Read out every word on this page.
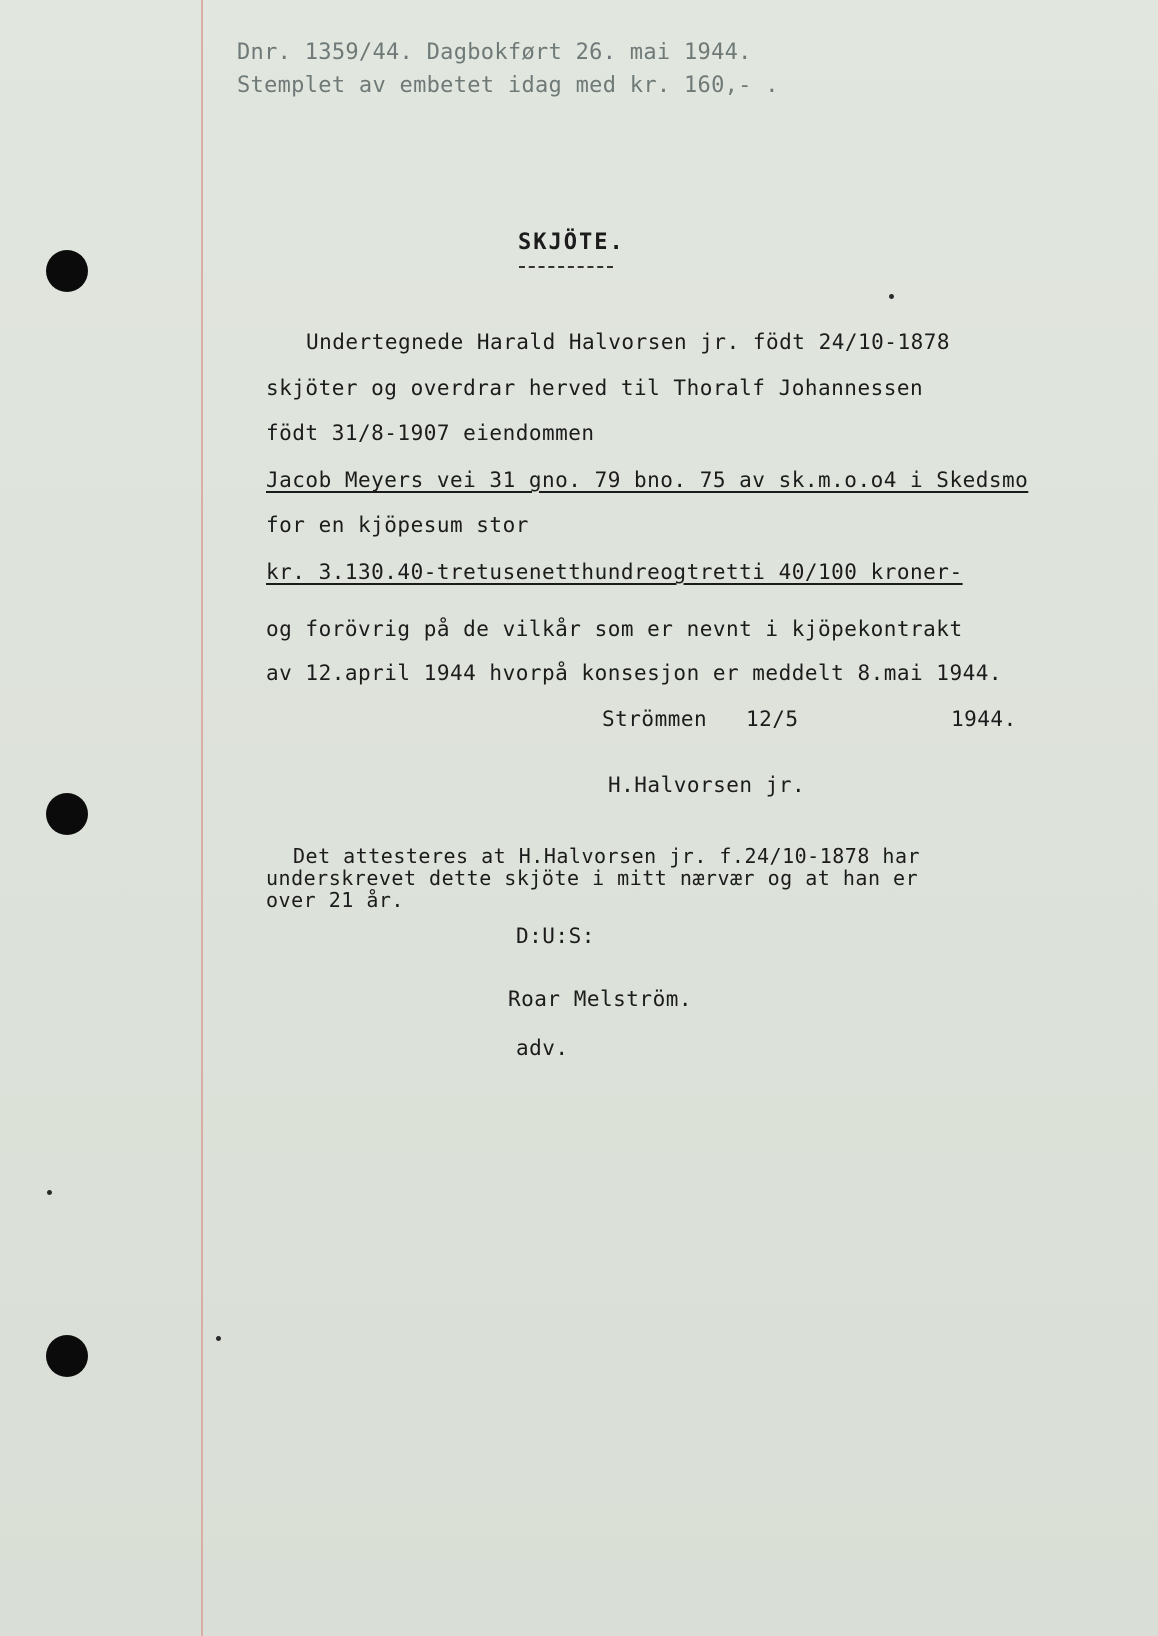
Dnr. 1359/44. Dagbokført 26. mai 1944.
Stemplet av embetet idag med kr. 160,- .
SKJÖTE.
Undertegnede Harald Halvorsen jr. födt 24/10-1878
skjöter og overdrar herved til Thoralf Johannessen
födt 31/8-1907 eiendommen
Jacob Meyers vei 31 gno. 79 bno. 75 av sk.m.o.o4 i Skedsmo
for en kjöpesum stor
kr. 3.130.40-tretusenetthundreogtretti 40/100 kroner-
og forövrig på de vilkår som er nevnt i kjöpekontrakt
av 12.april 1944 hvorpå konsesjon er meddelt 8.mai 1944.
Strömmen 12/5	1944.
H.Halvorsen jr.
Det attesteres at H.Halvorsen jr. f.24/10-1878 har
underskrevet dette skjöte i mitt nærvær og at han er
over 21 år.
D:U:S:
Roar Melström.
adv.
